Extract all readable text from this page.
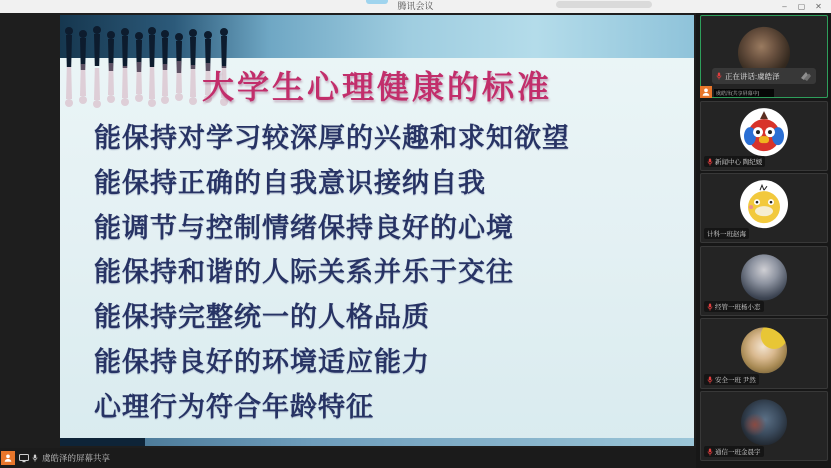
腾讯会议	–	▢	✕
大学生心理健康的标准
能保持对学习较深厚的兴趣和求知欲望
能保持正确的自我意识接纳自我
能调节与控制情绪保持良好的心境
能保持和谐的人际关系并乐于交往
能保持完整统一的人格品质
能保持良好的环境适应能力
心理行为符合年龄特征
正在讲话:虞皓泽
虞皓泽(共享屏幕中)
新闻中心 陶纪媛
计科一班赵海
经管一班杨小恋
安全一班 尹然
通信一班金晨宇
虞皓泽的屏幕共享
